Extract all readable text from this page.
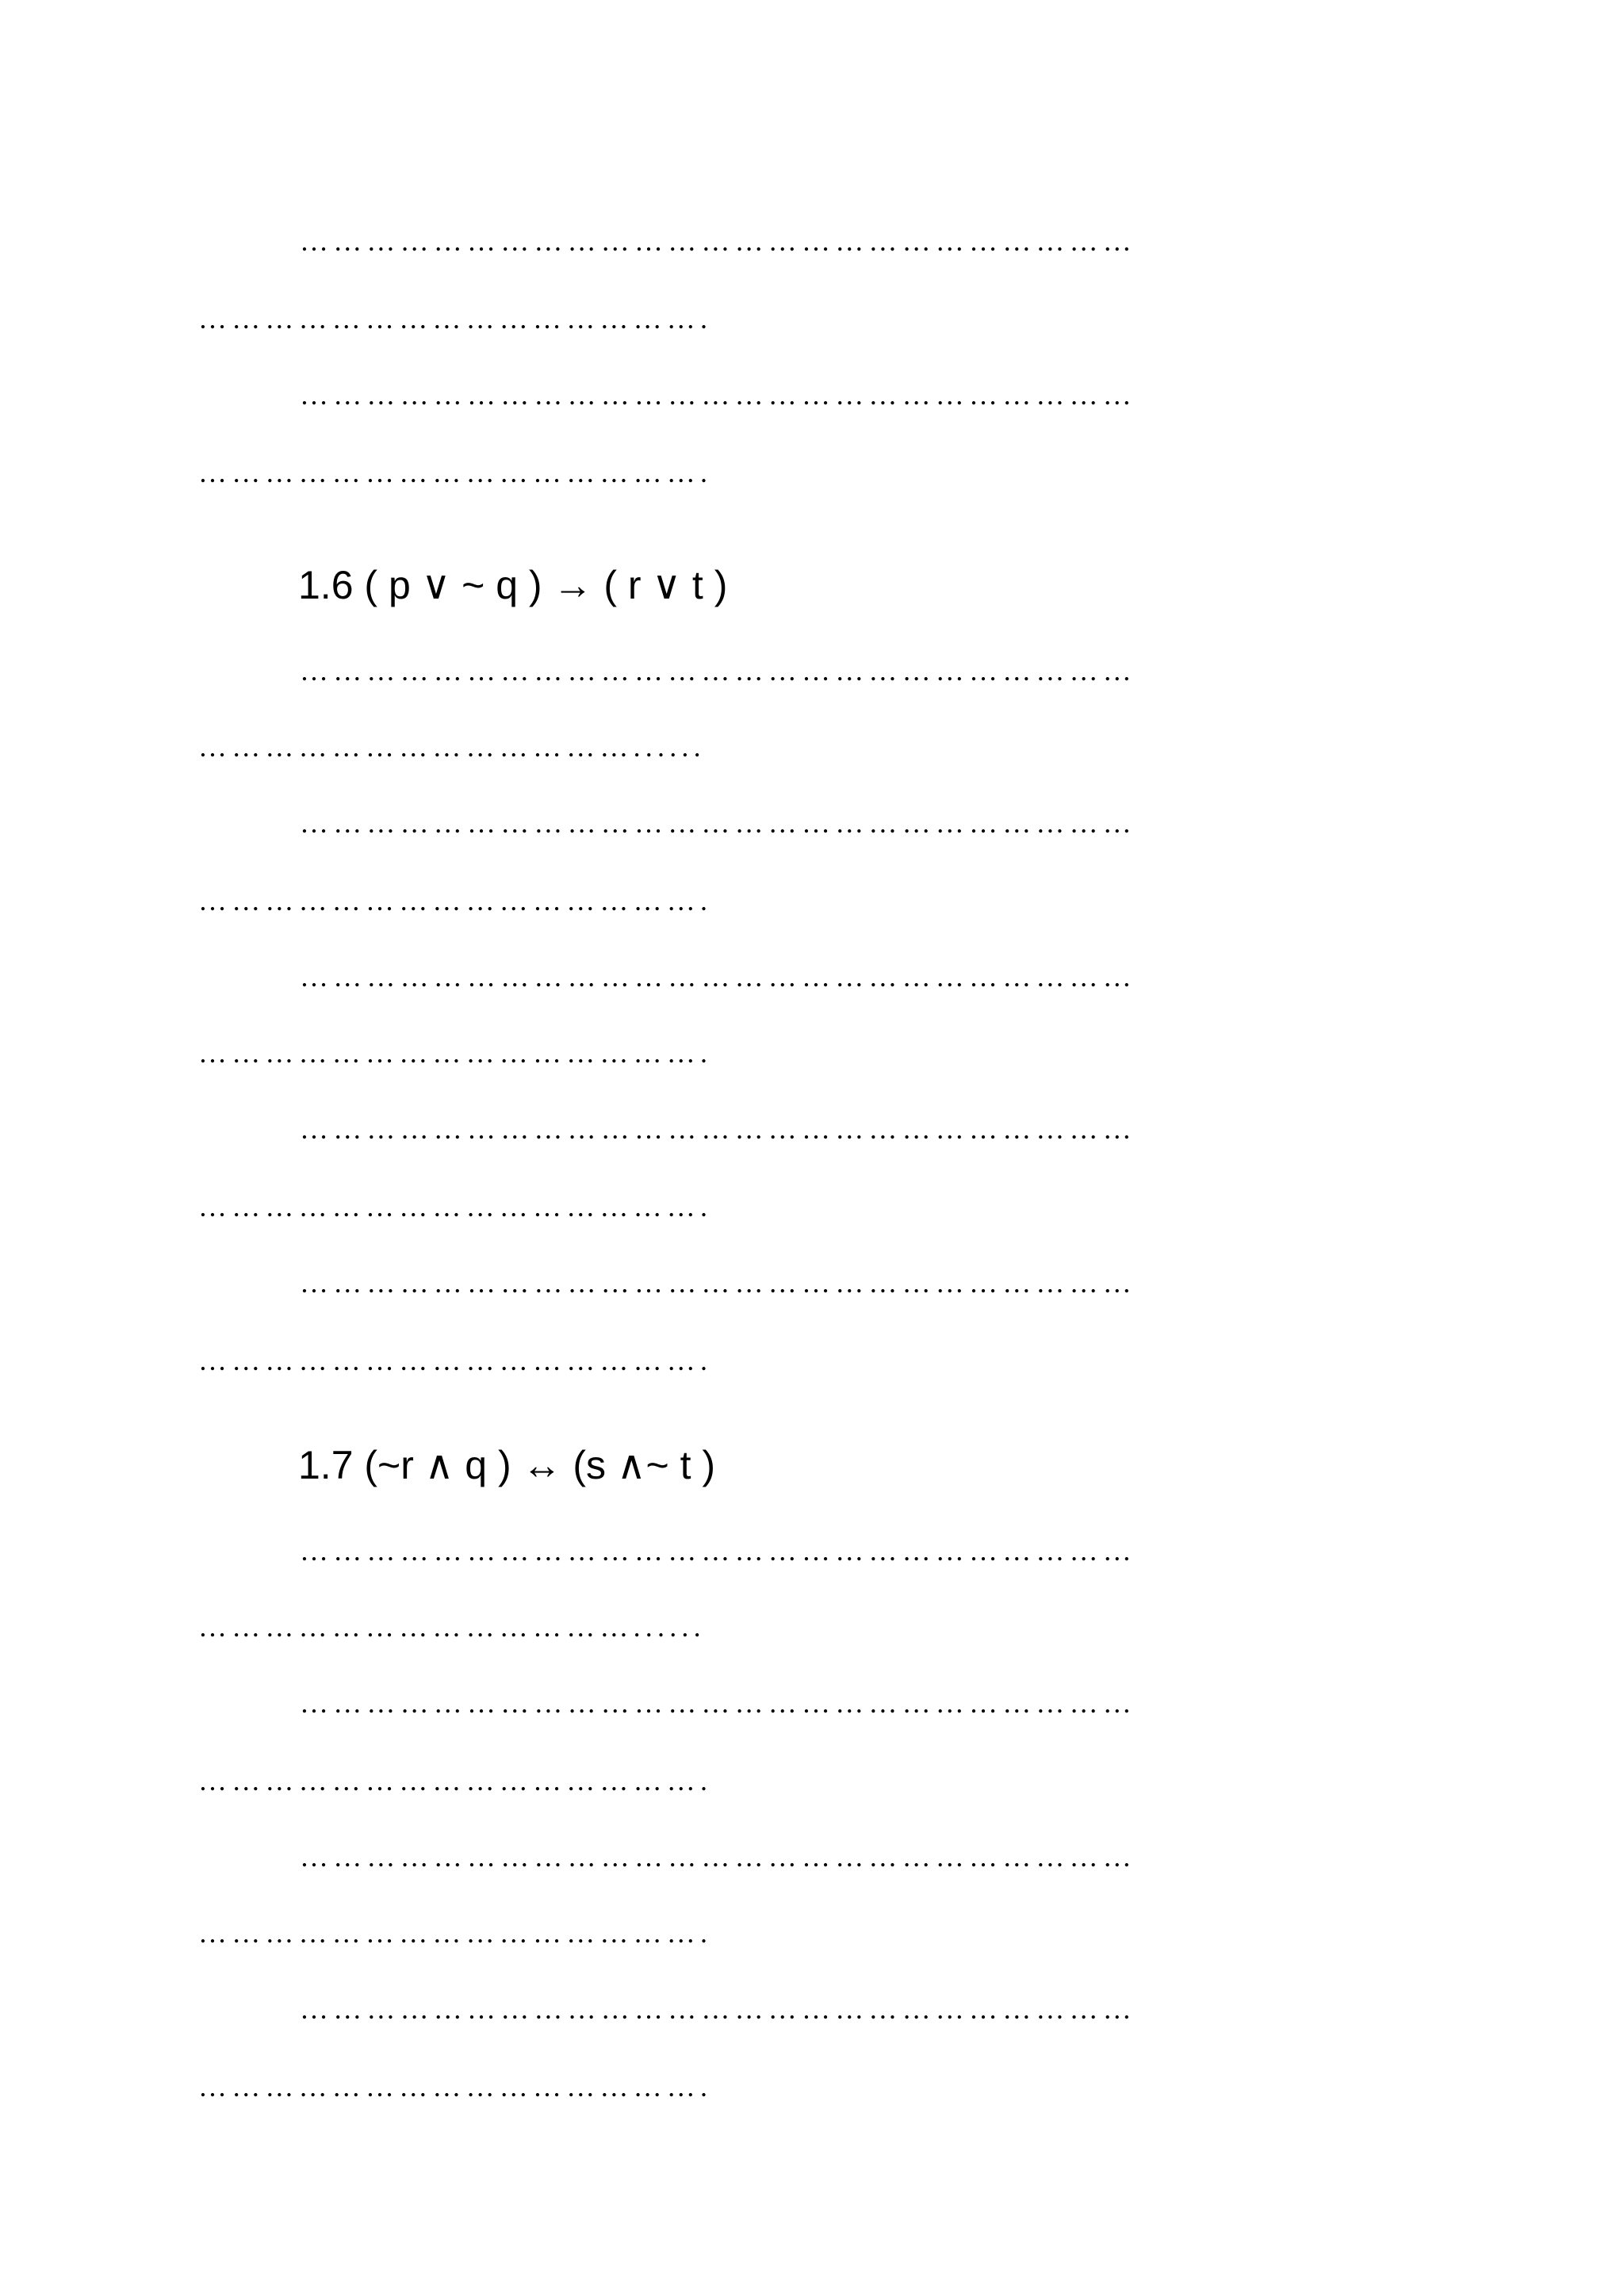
…………………………………………………………………
……………………………………….
…………………………………………………………………
……………………………………….
1.6 ( p ∨ ~ q ) → ( r ∨ t )
…………………………………………………………………
…………………………………......
…………………………………………………………………
……………………………………….
…………………………………………………………………
……………………………………….
…………………………………………………………………
……………………………………….
…………………………………………………………………
……………………………………….
1.7 (~r ∧ q ) ↔ (s ∧~ t )
…………………………………………………………………
…………………………………......
…………………………………………………………………
……………………………………….
…………………………………………………………………
……………………………………….
…………………………………………………………………
……………………………………….
